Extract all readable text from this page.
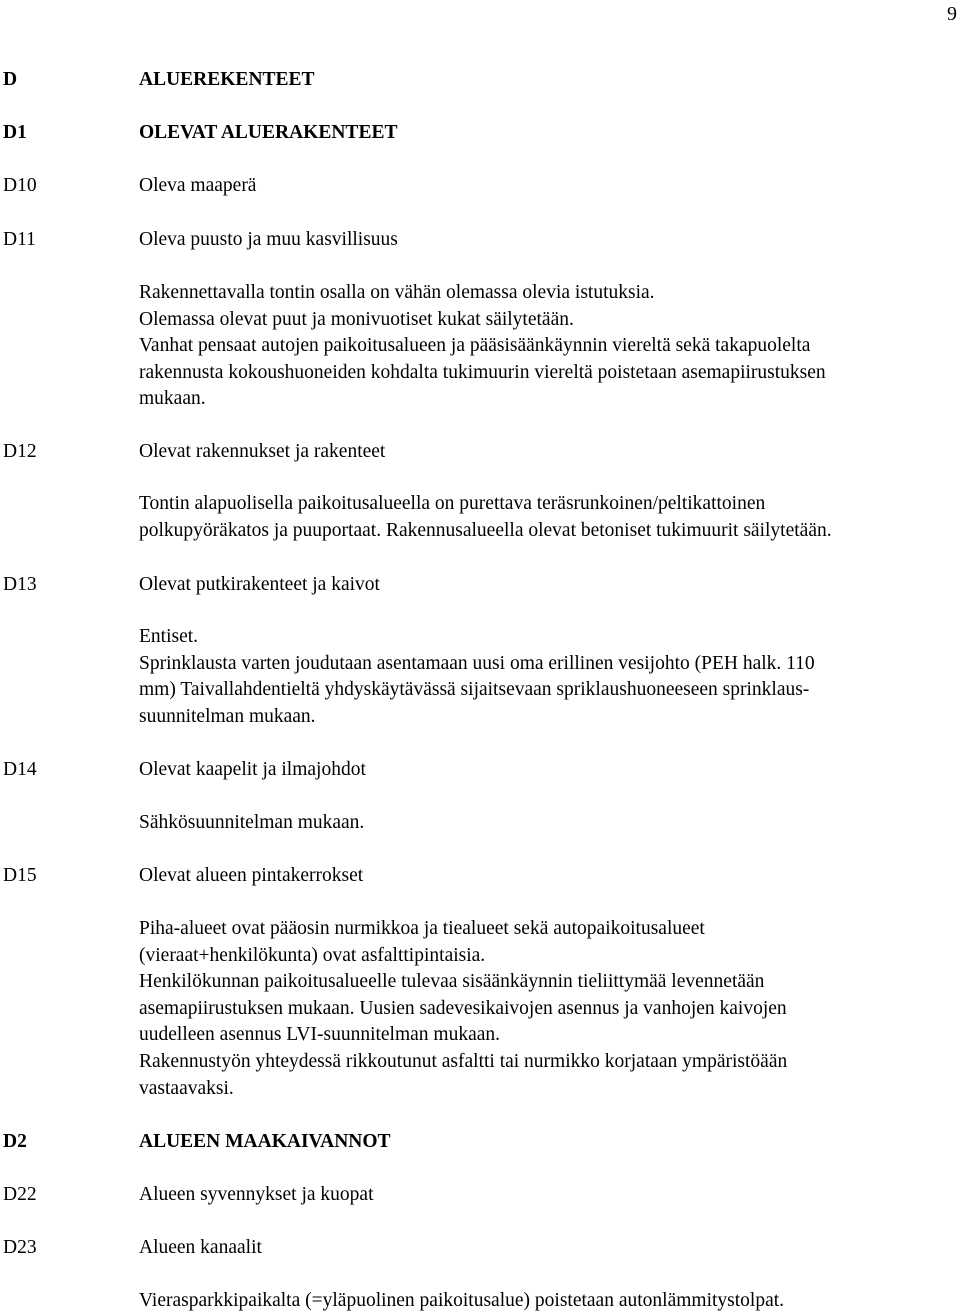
9
D	ALUEREKENTEET
D1	OLEVAT ALUERAKENTEET
D10	Oleva maaperä
D11	Oleva puusto ja muu kasvillisuus
Rakennettavalla tontin osalla on vähän olemassa olevia istutuksia.
Olemassa olevat puut ja monivuotiset kukat säilytetään.
Vanhat pensaat autojen paikoitusalueen ja pääsisäänkäynnin viereltä sekä takapuolelta
rakennusta kokoushuoneiden kohdalta tukimuurin viereltä poistetaan asemapiirustuksen
mukaan.
D12	Olevat rakennukset ja rakenteet
Tontin alapuolisella paikoitusalueella on purettava teräsrunkoinen/peltikattoinen
polkupyöräkatos ja puuportaat. Rakennusalueella olevat betoniset tukimuurit säilytetään.
D13	Olevat putkirakenteet ja kaivot
Entiset.
Sprinklausta varten joudutaan asentamaan uusi oma erillinen vesijohto (PEH halk. 110
mm) Taivallahdentieltä yhdyskäytävässä sijaitsevaan spriklaushuoneeseen sprinklaus-
suunnitelman mukaan.
D14	Olevat kaapelit ja ilmajohdot
Sähkösuunnitelman mukaan.
D15	Olevat alueen pintakerrokset
Piha-alueet ovat pääosin nurmikkoa ja tiealueet sekä autopaikoitusalueet
(vieraat+henkilökunta) ovat asfalttipintaisia.
Henkilökunnan paikoitusalueelle tulevaa sisäänkäynnin tieliittymää levennetään
asemapiirustuksen mukaan. Uusien sadevesikaivojen asennus ja vanhojen kaivojen
uudelleen asennus LVI-suunnitelman mukaan.
Rakennustyön yhteydessä rikkoutunut asfaltti tai nurmikko korjataan ympäristöään
vastaavaksi.
D2	ALUEEN MAAKAIVANNOT
D22	Alueen syvennykset ja kuopat
D23	Alueen kanaalit
Vierasparkkipaikalta (=yläpuolinen paikoitusalue) poistetaan autonlämmitystolpat.
